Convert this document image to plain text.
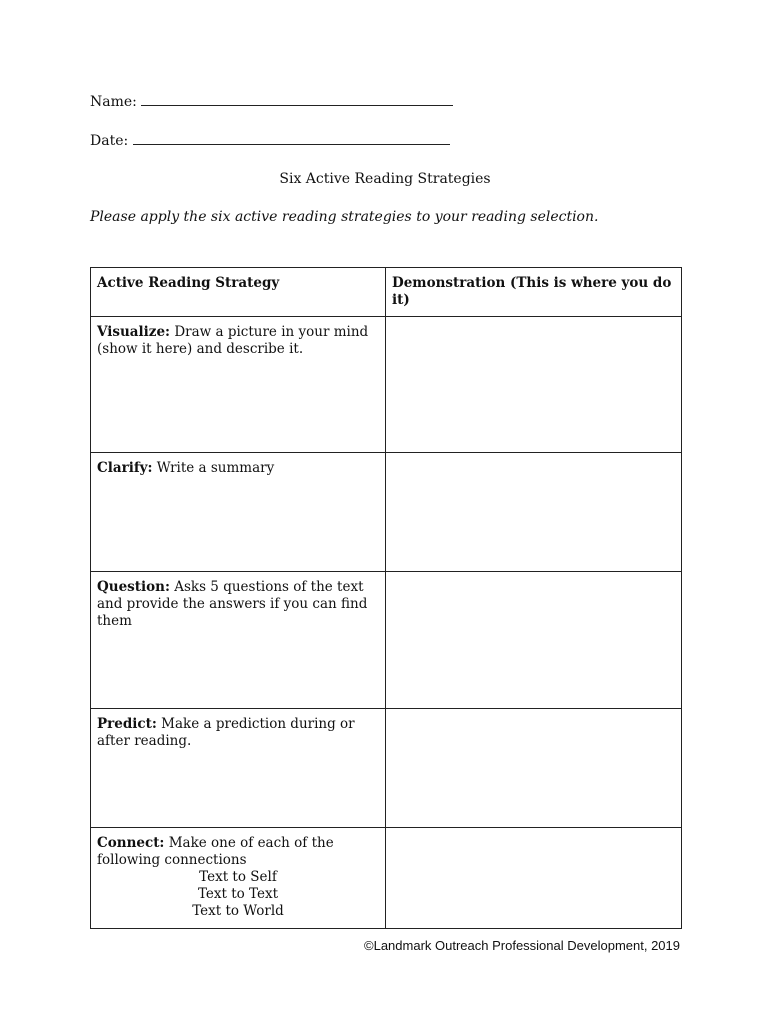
Name:
Date:
Six Active Reading Strategies
Please apply the six active reading strategies to your reading selection.
Active Reading Strategy	Demonstration (This is where you do it)
Visualize: Draw a picture in your mind (show it here) and describe it.	
Clarify: Write a summary	
Question: Asks 5 questions of the text and provide the answers if you can find them	
Predict: Make a prediction during or after reading.	
Connect: Make one of each of the following connections
Text to Self
Text to Text
Text to World	

©Landmark Outreach Professional Development, 2019
